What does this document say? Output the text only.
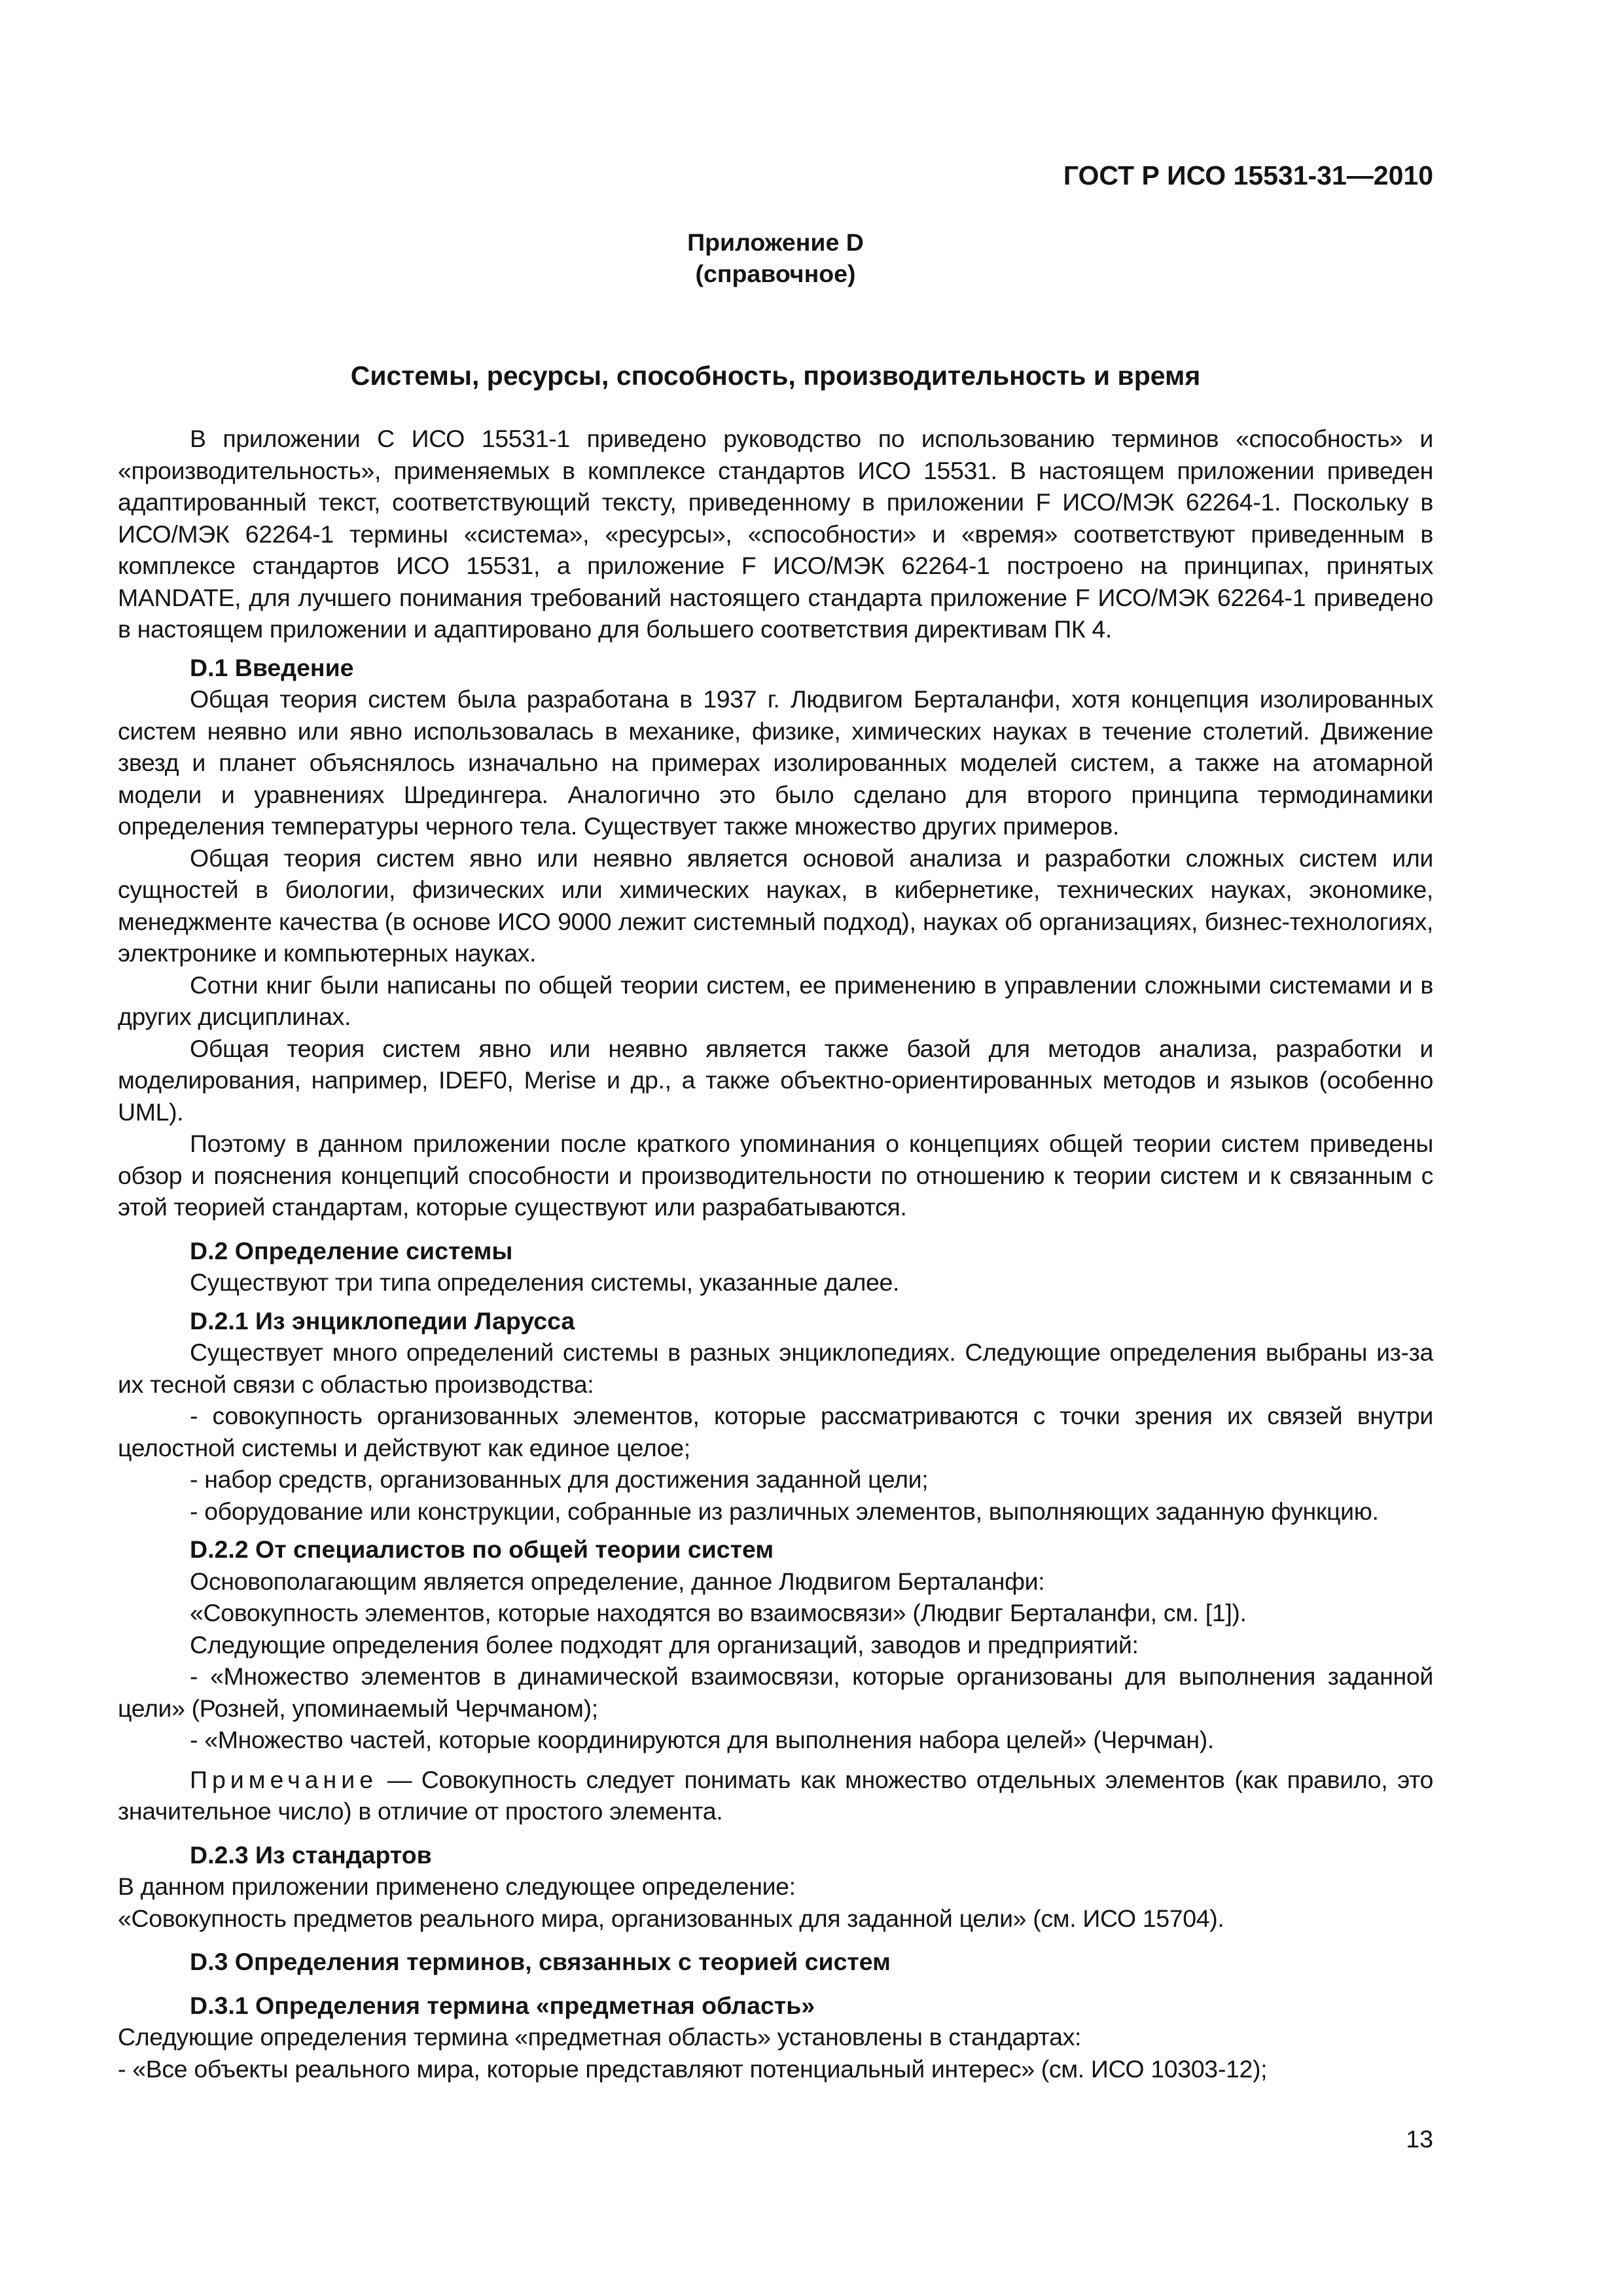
ГОСТ Р ИСО 15531-31—2010
Приложение D
(справочное)
Системы, ресурсы, способность, производительность и время

В приложении С ИСО 15531-1 приведено руководство по использованию терминов «способность» и «производительность», применяемых в комплексе стандартов ИСО 15531. В настоящем приложении приведен адаптированный текст, соответствующий тексту, приведенному в приложении F ИСО/МЭК 62264-1. Поскольку в ИСО/МЭК 62264-1 термины «система», «ресурсы», «способности» и «время» соответствуют приведенным в комплексе стандартов ИСО 15531, а приложение F ИСО/МЭК 62264-1 построено на принципах, принятых MANDATE, для лучшего понимания требований настоящего стандарта приложение F ИСО/МЭК 62264-1 приведено в настоящем приложении и адаптировано для большего соответствия директивам ПК 4.

D.1 Введение

Общая теория систем была разработана в 1937 г. Людвигом Берталанфи, хотя концепция изолированных систем неявно или явно использовалась в механике, физике, химических науках в течение столетий. Движение звезд и планет объяснялось изначально на примерах изолированных моделей систем, а также на атомарной модели и уравнениях Шредингера. Аналогично это было сделано для второго принципа термодинамики определения температуры черного тела. Существует также множество других примеров.

Общая теория систем явно или неявно является основой анализа и разработки сложных систем или сущностей в биологии, физических или химических науках, в кибернетике, технических науках, экономике, менеджменте качества (в основе ИСО 9000 лежит системный подход), науках об организациях, бизнес-технологиях, электронике и компьютерных науках.

Сотни книг были написаны по общей теории систем, ее применению в управлении сложными системами и в других дисциплинах.

Общая теория систем явно или неявно является также базой для методов анализа, разработки и моделирования, например, IDEF0, Merise и др., а также объектно-ориентированных методов и языков (особенно UML).

Поэтому в данном приложении после краткого упоминания о концепциях общей теории систем приведены обзор и пояснения концепций способности и производительности по отношению к теории систем и к связанным с этой теорией стандартам, которые существуют или разрабатываются.

D.2 Определение системы

Существуют три типа определения системы, указанные далее.

D.2.1 Из энциклопедии Ларусса

Существует много определений системы в разных энциклопедиях. Следующие определения выбраны из-за их тесной связи с областью производства:

- совокупность организованных элементов, которые рассматриваются с точки зрения их связей внутри целостной системы и действуют как единое целое;

- набор средств, организованных для достижения заданной цели;

- оборудование или конструкции, собранные из различных элементов, выполняющих заданную функцию.

D.2.2 От специалистов по общей теории систем

Основополагающим является определение, данное Людвигом Берталанфи:

«Совокупность элементов, которые находятся во взаимосвязи» (Людвиг Берталанфи, см. [1]).

Следующие определения более подходят для организаций, заводов и предприятий:

- «Множество элементов в динамической взаимосвязи, которые организованы для выполнения заданной цели» (Розней, упоминаемый Черчманом);

- «Множество частей, которые координируются для выполнения набора целей» (Черчман).

Примечание — Совокупность следует понимать как множество отдельных элементов (как правило, это значительное число) в отличие от простого элемента.

D.2.3 Из стандартов

В данном приложении применено следующее определение:

«Совокупность предметов реального мира, организованных для заданной цели» (см. ИСО 15704).

D.3 Определения терминов, связанных с теорией систем
D.3.1 Определения термина «предметная область»

Следующие определения термина «предметная область» установлены в стандартах:

- «Все объекты реального мира, которые представляют потенциальный интерес» (см. ИСО 10303-12);

13
